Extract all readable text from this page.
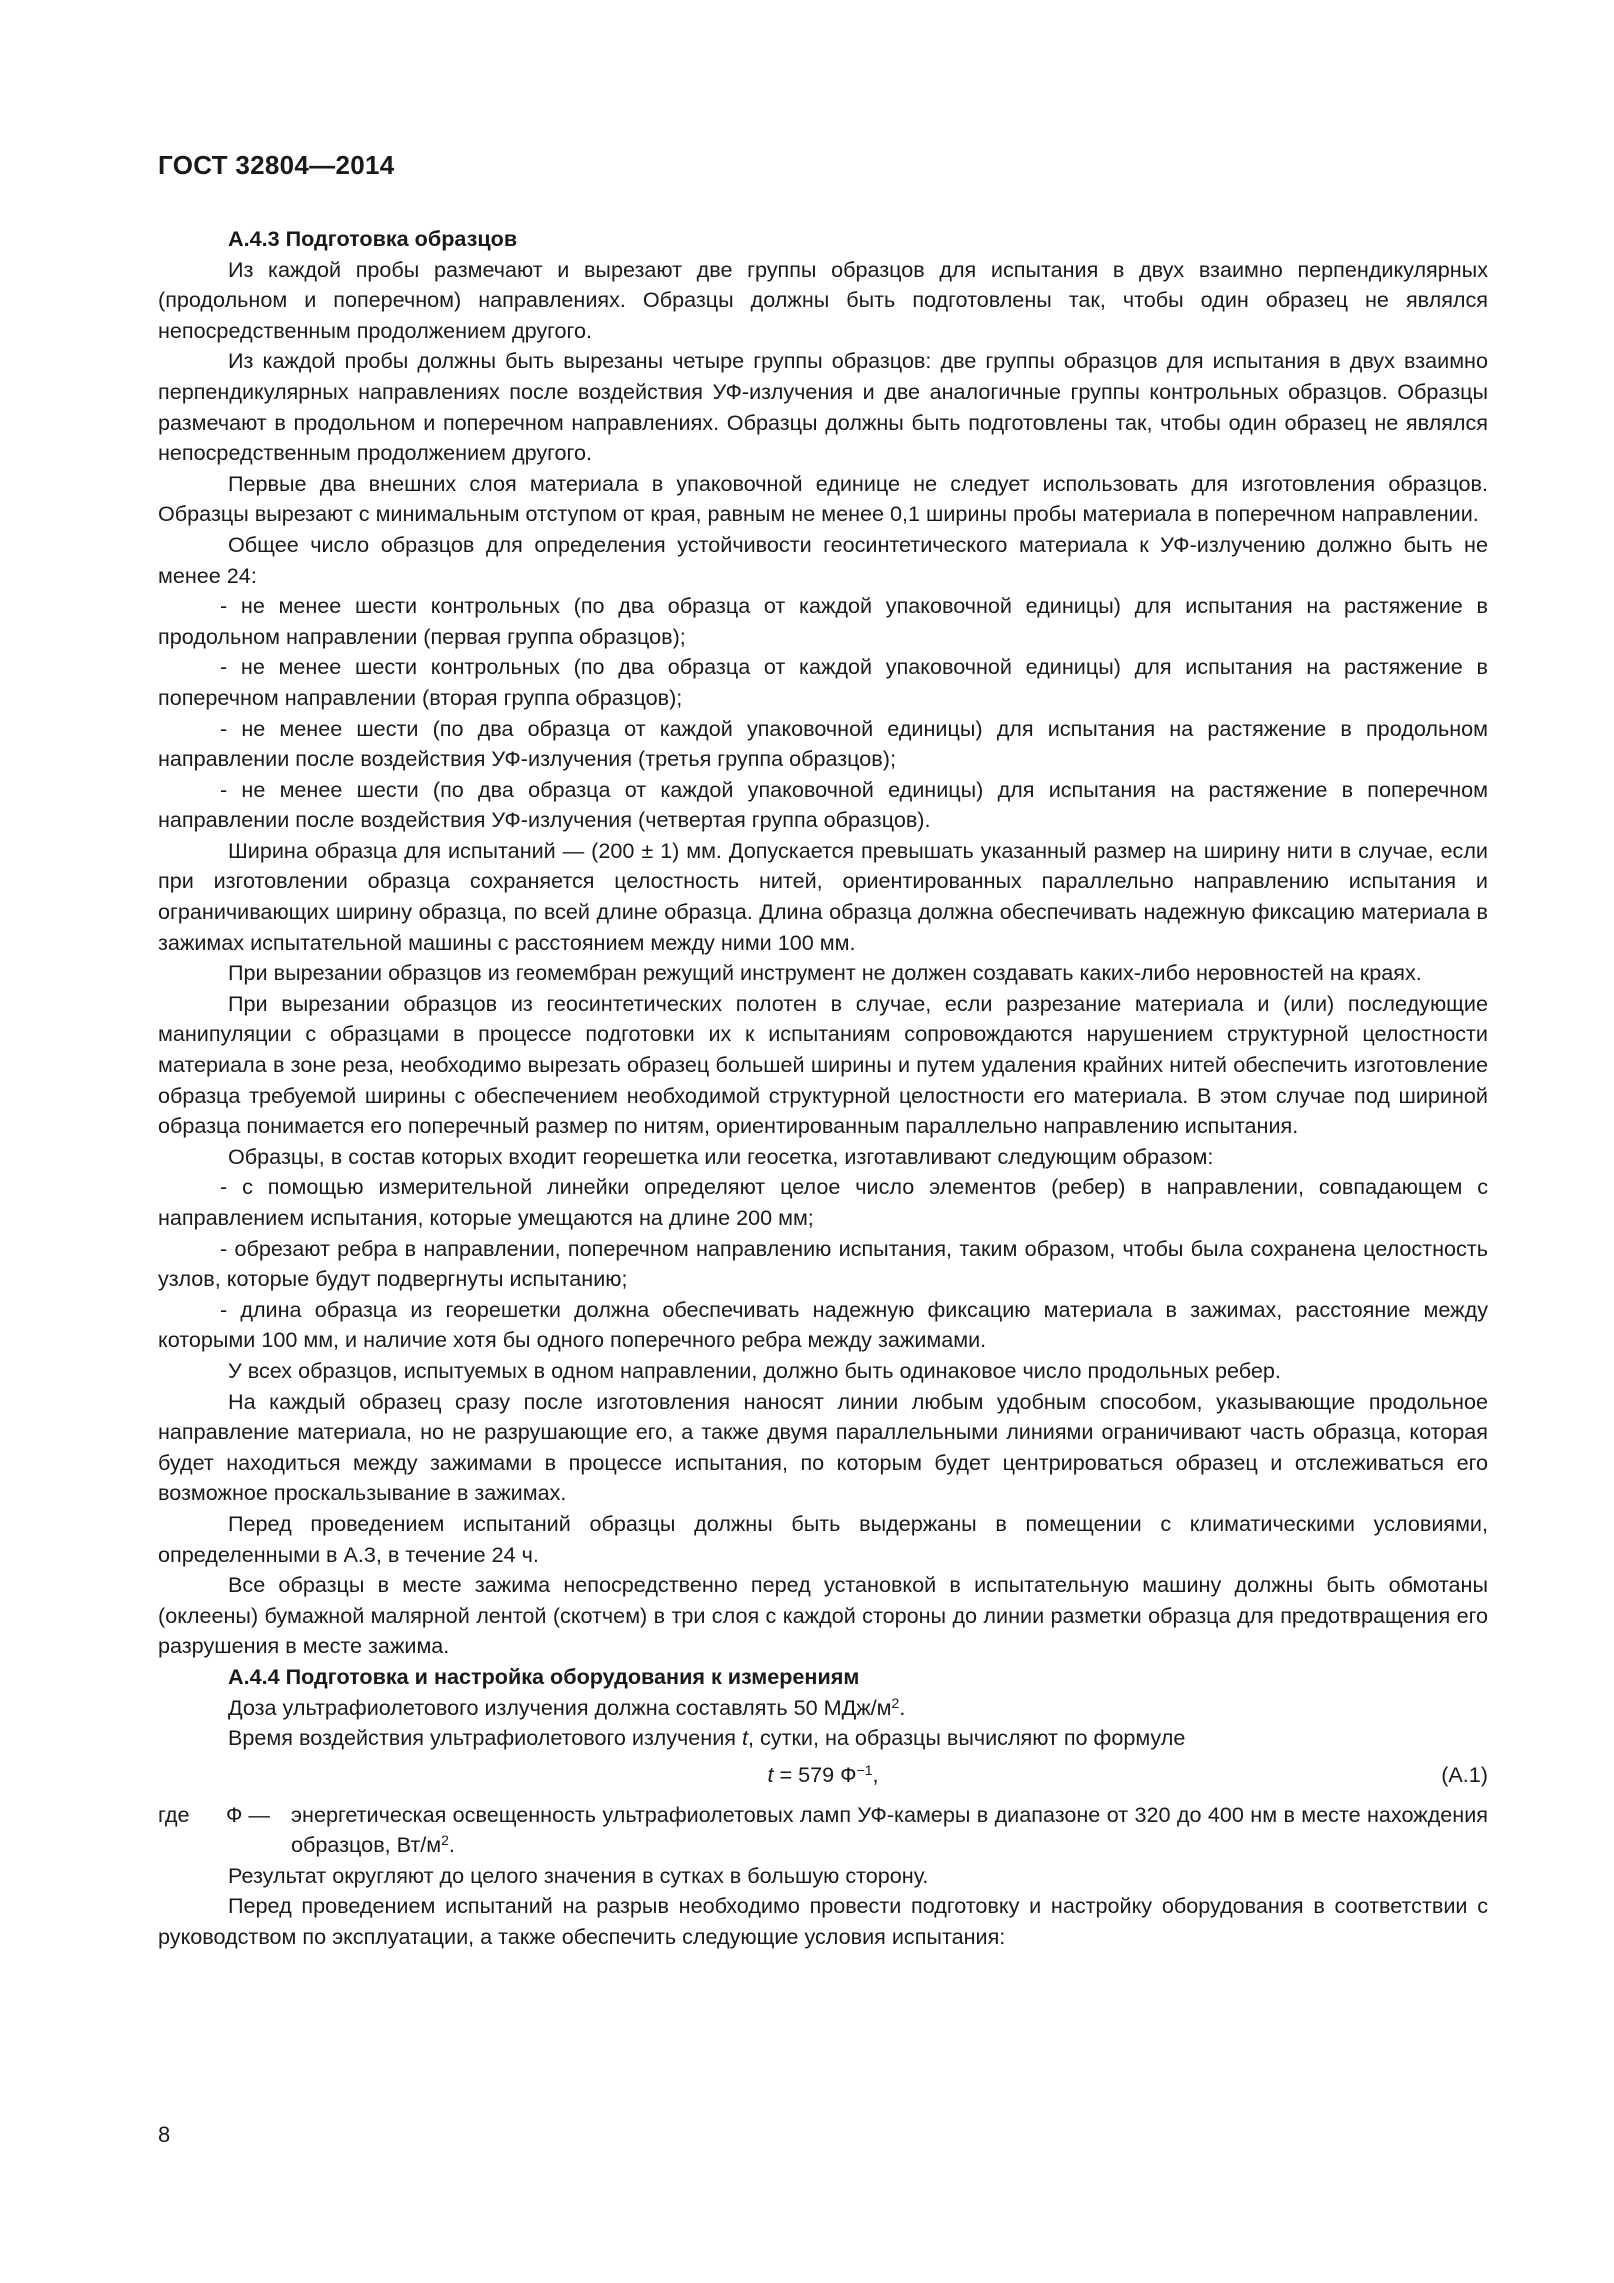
ГОСТ 32804—2014

А.4.3 Подготовка образцов

Из каждой пробы размечают и вырезают две группы образцов для испытания в двух взаимно перпендикулярных (продольном и поперечном) направлениях. Образцы должны быть подготовлены так, чтобы один образец не являлся непосредственным продолжением другого.

Из каждой пробы должны быть вырезаны четыре группы образцов: две группы образцов для испытания в двух взаимно перпендикулярных направлениях после воздействия УФ-излучения и две аналогичные группы контрольных образцов. Образцы размечают в продольном и поперечном направлениях. Образцы должны быть подготовлены так, чтобы один образец не являлся непосредственным продолжением другого.

Первые два внешних слоя материала в упаковочной единице не следует использовать для изготовления образцов. Образцы вырезают с минимальным отступом от края, равным не менее 0,1 ширины пробы материала в поперечном направлении.

Общее число образцов для определения устойчивости геосинтетического материала к УФ-излучению должно быть не менее 24:

- не менее шести контрольных (по два образца от каждой упаковочной единицы) для испытания на растяжение в продольном направлении (первая группа образцов);

- не менее шести контрольных (по два образца от каждой упаковочной единицы) для испытания на растяжение в поперечном направлении (вторая группа образцов);

- не менее шести (по два образца от каждой упаковочной единицы) для испытания на растяжение в продольном направлении после воздействия УФ-излучения (третья группа образцов);

- не менее шести (по два образца от каждой упаковочной единицы) для испытания на растяжение в поперечном направлении после воздействия УФ-излучения (четвертая группа образцов).

Ширина образца для испытаний — (200 ± 1) мм. Допускается превышать указанный размер на ширину нити в случае, если при изготовлении образца сохраняется целостность нитей, ориентированных параллельно направлению испытания и ограничивающих ширину образца, по всей длине образца. Длина образца должна обеспечивать надежную фиксацию материала в зажимах испытательной машины с расстоянием между ними 100 мм.

При вырезании образцов из геомембран режущий инструмент не должен создавать каких-либо неровностей на краях.

При вырезании образцов из геосинтетических полотен в случае, если разрезание материала и (или) последующие манипуляции с образцами в процессе подготовки их к испытаниям сопровождаются нарушением структурной целостности материала в зоне реза, необходимо вырезать образец большей ширины и путем удаления крайних нитей обеспечить изготовление образца требуемой ширины с обеспечением необходимой структурной целостности его материала. В этом случае под шириной образца понимается его поперечный размер по нитям, ориентированным параллельно направлению испытания.

Образцы, в состав которых входит георешетка или геосетка, изготавливают следующим образом:

- с помощью измерительной линейки определяют целое число элементов (ребер) в направлении, совпадающем с направлением испытания, которые умещаются на длине 200 мм;

- обрезают ребра в направлении, поперечном направлению испытания, таким образом, чтобы была сохранена целостность узлов, которые будут подвергнуты испытанию;

- длина образца из георешетки должна обеспечивать надежную фиксацию материала в зажимах, расстояние между которыми 100 мм, и наличие хотя бы одного поперечного ребра между зажимами.

У всех образцов, испытуемых в одном направлении, должно быть одинаковое число продольных ребер.

На каждый образец сразу после изготовления наносят линии любым удобным способом, указывающие продольное направление материала, но не разрушающие его, а также двумя параллельными линиями ограничивают часть образца, которая будет находиться между зажимами в процессе испытания, по которым будет центрироваться образец и отслеживаться его возможное проскальзывание в зажимах.

Перед проведением испытаний образцы должны быть выдержаны в помещении с климатическими условиями, определенными в А.3, в течение 24 ч.

Все образцы в месте зажима непосредственно перед установкой в испытательную машину должны быть обмотаны (оклеены) бумажной малярной лентой (скотчем) в три слоя с каждой стороны до линии разметки образца для предотвращения его разрушения в месте зажима.

А.4.4 Подготовка и настройка оборудования к измерениям

Доза ультрафиолетового излучения должна составлять 50 МДж/$м^2$.

Время воздействия ультрафиолетового излучения t, сутки, на образцы вычисляют по формуле

t = 579 $Ф^{-1}$,	(А.1)
где Ф — энергетическая освещенность ультрафиолетовых ламп УФ-камеры в диапазоне от 320 до 400 нм в месте нахождения образцов, $Вт/м^2$.

Результат округляют до целого значения в сутках в большую сторону.

Перед проведением испытаний на разрыв необходимо провести подготовку и настройку оборудования в соответствии с руководством по эксплуатации, а также обеспечить следующие условия испытания:

8
